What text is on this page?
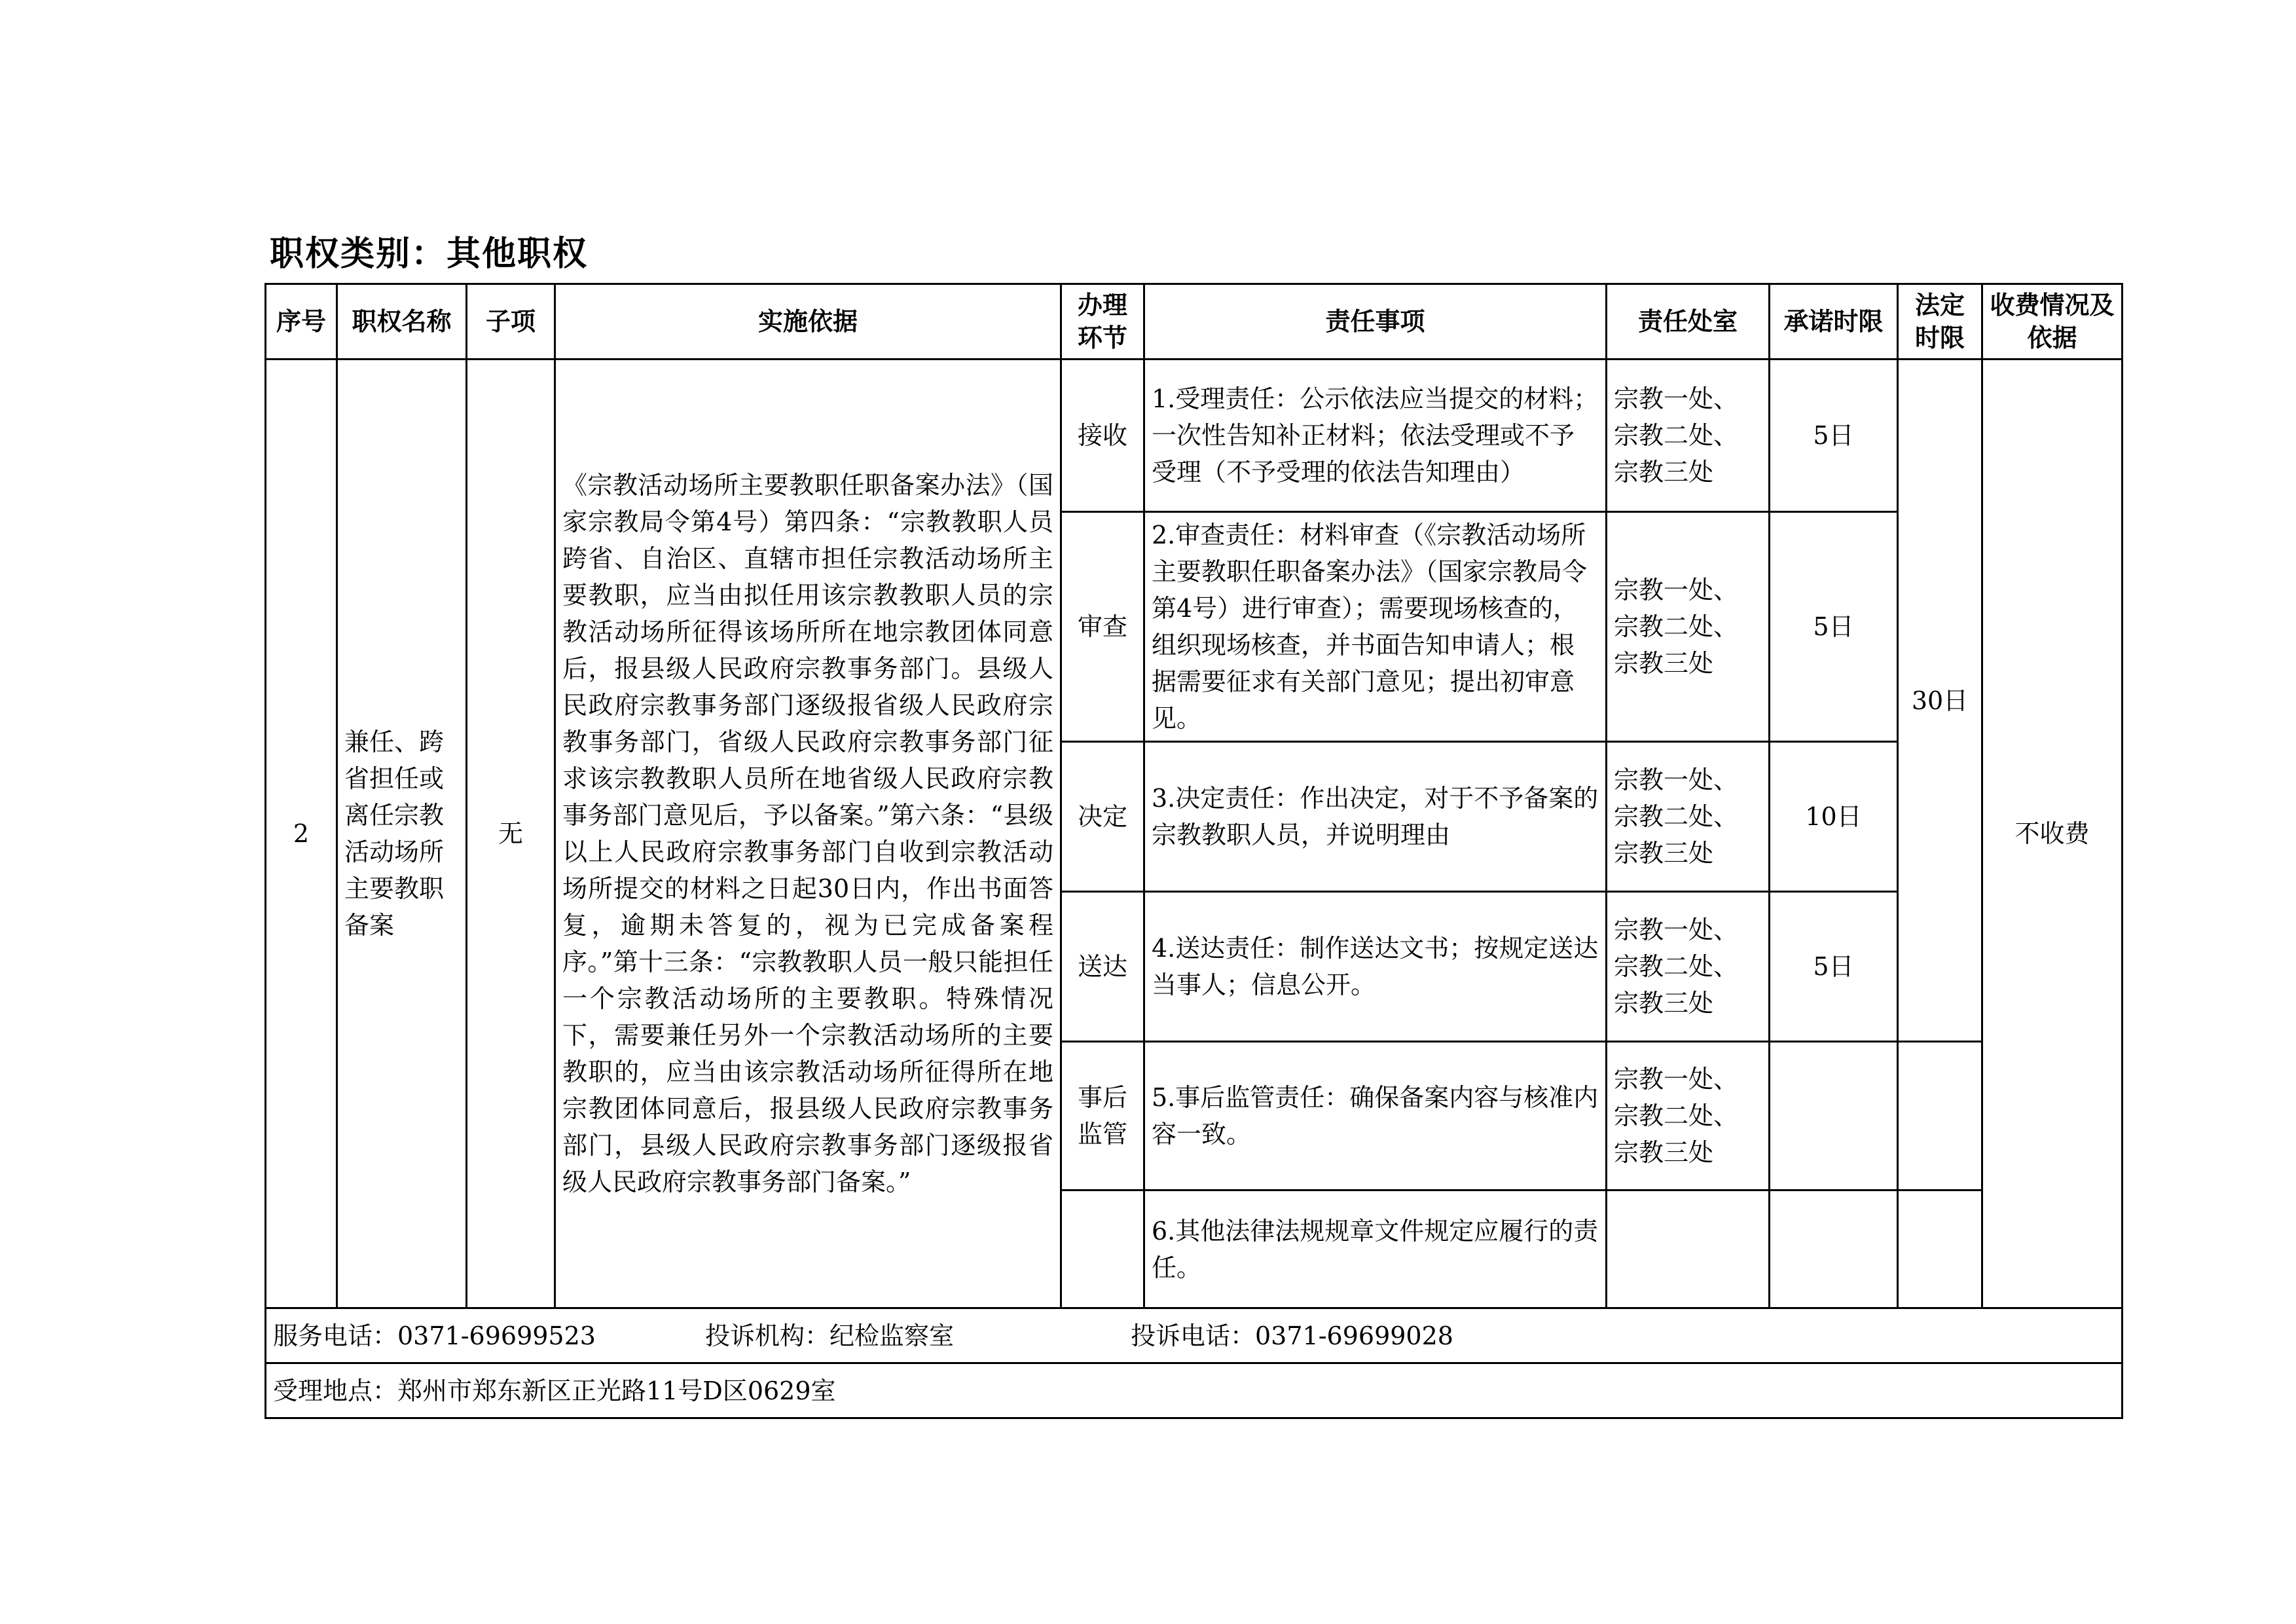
职权类别：其他职权
序号	职权名称	子项	实施依据	办理环节	责任事项	责任处室	承诺时限	法定时限	收费情况及依据
2	兼任、跨省担任或离任宗教活动场所主要教职备案	无	《宗教活动场所主要教职任职备案办法》（国家宗教局令第4号）第四条：“宗教教职人员跨省、自治区、直辖市担任宗教活动场所主要教职，应当由拟任用该宗教教职人员的宗教活动场所征得该场所所在地宗教团体同意后，报县级人民政府宗教事务部门。县级人民政府宗教事务部门逐级报省级人民政府宗教事务部门，省级人民政府宗教事务部门征求该宗教教职人员所在地省级人民政府宗教事务部门意见后，予以备案。”第六条：“县级以上人民政府宗教事务部门自收到宗教活动场所提交的材料之日起30日内，作出书面答复，逾期未答复的，视为已完成备案程序。”第十三条：“宗教教职人员一般只能担任一个宗教活动场所的主要教职。特殊情况下，需要兼任另外一个宗教活动场所的主要教职的，应当由该宗教活动场所征得所在地宗教团体同意后，报县级人民政府宗教事务部门，县级人民政府宗教事务部门逐级报省级人民政府宗教事务部门备案。”	接收	1.受理责任：公示依法应当提交的材料；一次性告知补正材料；依法受理或不予受理（不予受理的依法告知理由）	宗教一处、宗教二处、宗教三处	5日	30日	不收费
				审查	2.审查责任：材料审查（《宗教活动场所主要教职任职备案办法》（国家宗教局令第4号）进行审查）；需要现场核查的，组织现场核查，并书面告知申请人；根据需要征求有关部门意见；提出初审意见。	宗教一处、宗教二处、宗教三处	5日		
				决定	3.决定责任：作出决定，对于不予备案的宗教教职人员，并说明理由	宗教一处、宗教二处、宗教三处	10日		
				送达	4.送达责任：制作送达文书；按规定送达当事人；信息公开。	宗教一处、宗教二处、宗教三处	5日		
				事后监管	5.事后监管责任：确保备案内容与核准内容一致。	宗教一处、宗教二处、宗教三处			
					6.其他法律法规规章文件规定应履行的责任。				
服务电话：0371-69699523 投诉机构：纪检监察室 投诉电话：0371-69699028									
受理地点：郑州市郑东新区正光路11号D区0629室									
